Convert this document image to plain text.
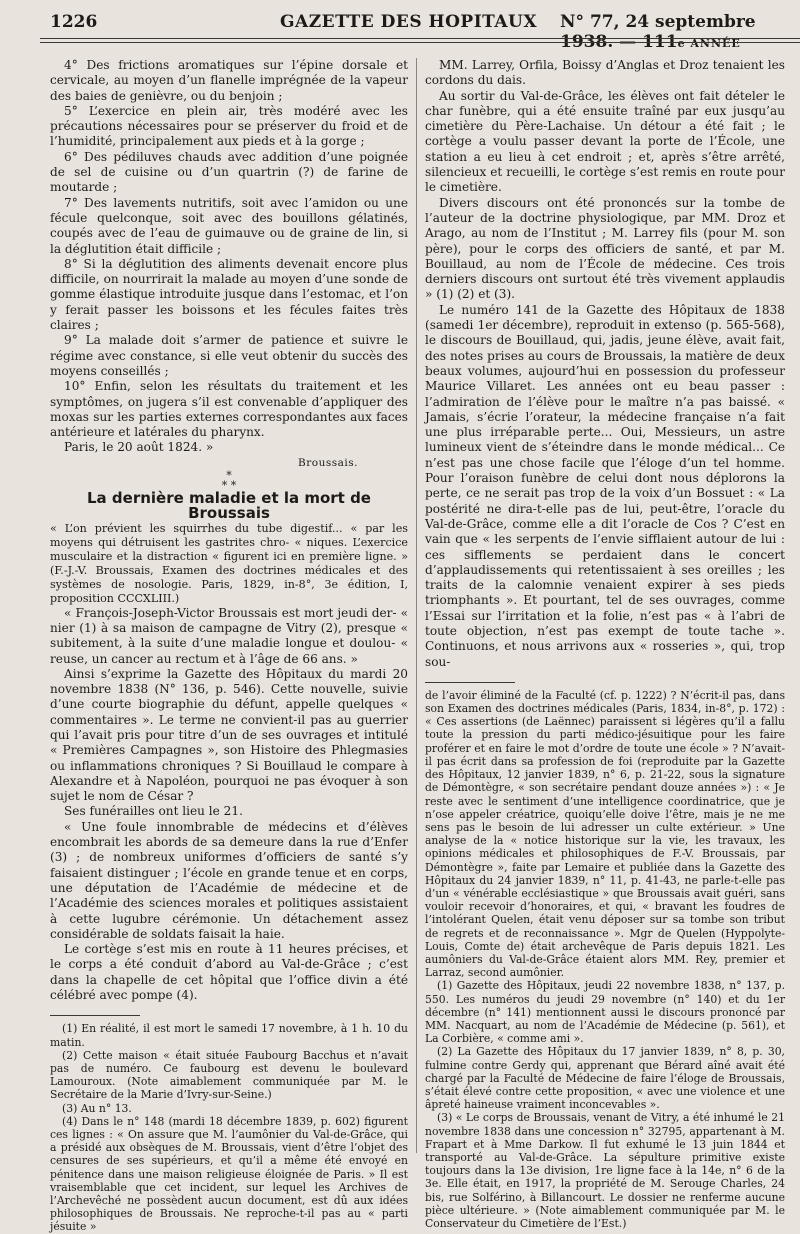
1226	GAZETTE DES HOPITAUX N° 77, 24 septembre 1938. — 111e ANNÉE

4° Des frictions aromatiques sur l’épine dorsale et cervicale, au moyen d’un flanelle imprégnée de la vapeur des baies de genièvre, ou du benjoin ;

5° L’exercice en plein air, très modéré avec les précautions nécessaires pour se préserver du froid et de l’humidité, principalement aux pieds et à la gorge ;

6° Des pédiluves chauds avec addition d’une poignée de sel de cuisine ou d’un quartrin (?) de farine de moutarde ;

7° Des lavements nutritifs, soit avec l’amidon ou une fécule quelconque, soit avec des bouillons gélatinés, coupés avec de l’eau de guimauve ou de graine de lin, si la déglutition était difficile ;

8° Si la déglutition des aliments devenait encore plus difficile, on nourrirait la malade au moyen d’une sonde de gomme élastique introduite jusque dans l’estomac, et l’on y ferait passer les boissons et les fécules faites très claires ;

9° La malade doit s’armer de patience et suivre le régime avec constance, si elle veut obtenir du succès des moyens conseillés ;

10° Enfin, selon les résultats du traitement et les symptômes, on jugera s’il est convenable d’appliquer des moxas sur les parties externes correspondantes aux faces antérieure et latérales du pharynx.

Paris, le 20 août 1824. »

Broussais.

*
* *

La dernière maladie et la mort de Broussais

« L’on prévient les squirrhes du tube digestif... « par les moyens qui détruisent les gastrites chro- « niques. L’exercice musculaire et la distraction « figurent ici en première ligne. » (F.-J.-V. Broussais, Examen des doctrines médicales et des systèmes de nosologie. Paris, 1829, in-8°, 3e édition, I, proposition CCCXLIII.)

« François-Joseph-Victor Broussais est mort jeudi der- « nier (1) à sa maison de campagne de Vitry (2), presque « subitement, à la suite d’une maladie longue et doulou- « reuse, un cancer au rectum et à l’âge de 66 ans. »

Ainsi s’exprime la Gazette des Hôpitaux du mardi 20 novembre 1838 (N° 136, p. 546). Cette nouvelle, suivie d’une courte biographie du défunt, appelle quelques « commentaires ». Le terme ne convient-il pas au guerrier qui l’avait pris pour titre d’un de ses ouvrages et intitulé « Premières Campagnes », son Histoire des Phlegmasies ou inflammations chroniques ? Si Bouillaud le compare à Alexandre et à Napoléon, pourquoi ne pas évoquer à son sujet le nom de César ?

Ses funérailles ont lieu le 21.

« Une foule innombrable de médecins et d’élèves encombrait les abords de sa demeure dans la rue d’Enfer (3) ; de nombreux uniformes d’officiers de santé s’y faisaient distinguer ; l’école en grande tenue et en corps, une députation de l’Académie de médecine et de l’Académie des sciences morales et politiques assistaient à cette lugubre cérémonie. Un détachement assez considérable de soldats faisait la haie.

Le cortège s’est mis en route à 11 heures précises, et le corps a été conduit d’abord au Val-de-Grâce ; c’est dans la chapelle de cet hôpital que l’office divin a été célébré avec pompe (4).

(1) En réalité, il est mort le samedi 17 novembre, à 1 h. 10 du matin.

(2) Cette maison « était située Faubourg Bacchus et n’avait pas de numéro. Ce faubourg est devenu le boulevard Lamouroux. (Note aimablement communiquée par M. le Secrétaire de la Marie d’Ivry-sur-Seine.)

(3) Au n° 13.

(4) Dans le n° 148 (mardi 18 décembre 1839, p. 602) figurent ces lignes : « On assure que M. l’aumônier du Val-de-Grâce, qui a présidé aux obsèques de M. Broussais, vient d’être l’objet des censures de ses supérieurs, et qu’il a même été envoyé en pénitence dans une maison religieuse éloignée de Paris. » Il est vraisemblable que cet incident, sur lequel les Archives de l’Archevêché ne possèdent aucun document, est dû aux idées philosophiques de Broussais. Ne reproche-t-il pas au « parti jésuite »

MM. Larrey, Orfila, Boissy d’Anglas et Droz tenaient les cordons du dais.

Au sortir du Val-de-Grâce, les élèves ont fait dételer le char funèbre, qui a été ensuite traîné par eux jusqu’au cimetière du Père-Lachaise. Un détour a été fait ; le cortège a voulu passer devant la porte de l’École, une station a eu lieu à cet endroit ; et, après s’être arrêté, silencieux et recueilli, le cortège s’est remis en route pour le cimetière.

Divers discours ont été prononcés sur la tombe de l’auteur de la doctrine physiologique, par MM. Droz et Arago, au nom de l’Institut ; M. Larrey fils (pour M. son père), pour le corps des officiers de santé, et par M. Bouillaud, au nom de l’École de médecine. Ces trois derniers discours ont surtout été très vivement applaudis » (1) (2) et (3).

Le numéro 141 de la Gazette des Hôpitaux de 1838 (samedi 1er décembre), reproduit in extenso (p. 565-568), le discours de Bouillaud, qui, jadis, jeune élève, avait fait, des notes prises au cours de Broussais, la matière de deux beaux volumes, aujourd’hui en possession du professeur Maurice Villaret. Les années ont eu beau passer : l’admiration de l’élève pour le maître n’a pas baissé. « Jamais, s’écrie l’orateur, la médecine française n’a fait une plus irréparable perte... Oui, Messieurs, un astre lumineux vient de s’éteindre dans le monde médical... Ce n’est pas une chose facile que l’éloge d’un tel homme. Pour l’oraison funèbre de celui dont nous déplorons la perte, ce ne serait pas trop de la voix d’un Bossuet : « La postérité ne dira-t-elle pas de lui, peut-être, l’oracle du Val-de-Grâce, comme elle a dit l’oracle de Cos ? C’est en vain que « les serpents de l’envie sifflaient autour de lui : ces sifflements se perdaient dans le concert d’applaudissements qui retentissaient à ses oreilles ; les traits de la calomnie venaient expirer à ses pieds triomphants ». Et pourtant, tel de ses ouvrages, comme l’Essai sur l’irritation et la folie, n’est pas « à l’abri de toute objection, n’est pas exempt de toute tache ». Continuons, et nous arrivons aux « rosseries », qui, trop sou-

de l’avoir éliminé de la Faculté (cf. p. 1222) ? N’écrit-il pas, dans son Examen des doctrines médicales (Paris, 1834, in-8°, p. 172) : « Ces assertions (de Laënnec) paraissent si légères qu’il a fallu toute la pression du parti médico-jésuitique pour les faire proférer et en faire le mot d’ordre de toute une école » ? N’avait-il pas écrit dans sa profession de foi (reproduite par la Gazette des Hôpitaux, 12 janvier 1839, n° 6, p. 21-22, sous la signature de Démontègre, « son secrétaire pendant douze années ») : « Je reste avec le sentiment d’une intelligence coordinatrice, que je n’ose appeler créatrice, quoiqu’elle doive l’être, mais je ne me sens pas le besoin de lui adresser un culte extérieur. » Une analyse de la « notice historique sur la vie, les travaux, les opinions médicales et philosophiques de F.-V. Broussais, par Démontègre », faite par Lemaire et publiée dans la Gazette des Hôpitaux du 24 janvier 1839, n° 11, p. 41-43, ne parle-t-elle pas d’un « vénérable ecclésiastique » que Broussais avait guéri, sans vouloir recevoir d’honoraires, et qui, « bravant les foudres de l’intolérant Quelen, était venu déposer sur sa tombe son tribut de regrets et de reconnaissance ». Mgr de Quelen (Hyppolyte-Louis, Comte de) était archevêque de Paris depuis 1821. Les aumôniers du Val-de-Grâce étaient alors MM. Rey, premier et Larraz, second aumônier.

(1) Gazette des Hôpitaux, jeudi 22 novembre 1838, n° 137, p. 550. Les numéros du jeudi 29 novembre (n° 140) et du 1er décembre (n° 141) mentionnent aussi le discours prononcé par MM. Nacquart, au nom de l’Académie de Médecine (p. 561), et La Corbière, « comme ami ».

(2) La Gazette des Hôpitaux du 17 janvier 1839, n° 8, p. 30, fulmine contre Gerdy qui, apprenant que Bérard aîné avait été chargé par la Faculté de Médecine de faire l’éloge de Broussais, s’était élevé contre cette proposition, « avec une violence et une âpreté haineuse vraiment inconcevables ».

(3) « Le corps de Broussais, venant de Vitry, a été inhumé le 21 novembre 1838 dans une concession n° 32795, appartenant à M. Frapart et à Mme Darkow. Il fut exhumé le 13 juin 1844 et transporté au Val-de-Grâce. La sépulture primitive existe toujours dans la 13e division, 1re ligne face à la 14e, n° 6 de la 3e. Elle était, en 1917, la propriété de M. Serouge Charles, 24 bis, rue Solférino, à Billancourt. Le dossier ne renferme aucune pièce ultérieure. » (Note aimablement communiquée par M. le Conservateur du Cimetière de l’Est.)
